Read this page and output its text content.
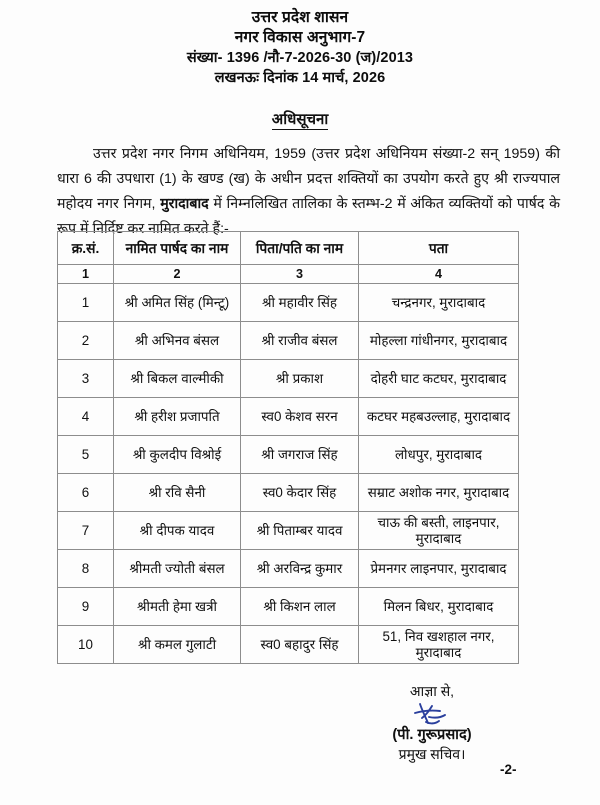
उत्तर प्रदेश शासन
नगर विकास अनुभाग-7
संख्या- 1396 /नौ-7-2026-30 (ज)/2013
लखनऊः दिनांक 14 मार्च, 2026
अधिसूचना

उत्तर प्रदेश नगर निगम अधिनियम, 1959 (उत्तर प्रदेश अधिनियम संख्या-2 सन् 1959) की धारा 6 की उपधारा (1) के खण्ड (ख) के अधीन प्रदत्त शक्तियों का उपयोग करते हुए श्री राज्यपाल महोदय नगर निगम, मुरादाबाद में निम्नलिखित तालिका के स्तम्भ-2 में अंकित व्यक्तियों को पार्षद के रूप में निर्दिष्ट कर नामित करते हैं:-

क्र.सं.	नामित पार्षद का नाम	पिता/पति का नाम	पता
1	2	3	4
1	श्री अमित सिंह (मिन्टू)	श्री महावीर सिंह	चन्द्रनगर, मुरादाबाद
2	श्री अभिनव बंसल	श्री राजीव बंसल	मोहल्ला गांधीनगर, मुरादाबाद
3	श्री बिकल वाल्मीकी	श्री प्रकाश	दोहरी घाट कटघर, मुरादाबाद
4	श्री हरीश प्रजापति	स्व0 केशव सरन	कटघर महबउल्लाह, मुरादाबाद
5	श्री कुलदीप विश्रोई	श्री जगराज सिंह	लोधपुर, मुरादाबाद
6	श्री रवि सैनी	स्व0 केदार सिंह	सम्राट अशोक नगर, मुरादाबाद
7	श्री दीपक यादव	श्री पिताम्बर यादव	चाऊ की बस्ती, लाइनपार, मुरादाबाद
8	श्रीमती ज्योती बंसल	श्री अरविन्द्र कुमार	प्रेमनगर लाइनपार, मुरादाबाद
9	श्रीमती हेमा खत्री	श्री किशन लाल	मिलन बिधर, मुरादाबाद
10	श्री कमल गुलाटी	स्व0 बहादुर सिंह	51, निव खशहाल नगर, मुरादाबाद
आज्ञा से,
(पी. गुरूप्रसाद)
प्रमुख सचिव।
-2-
